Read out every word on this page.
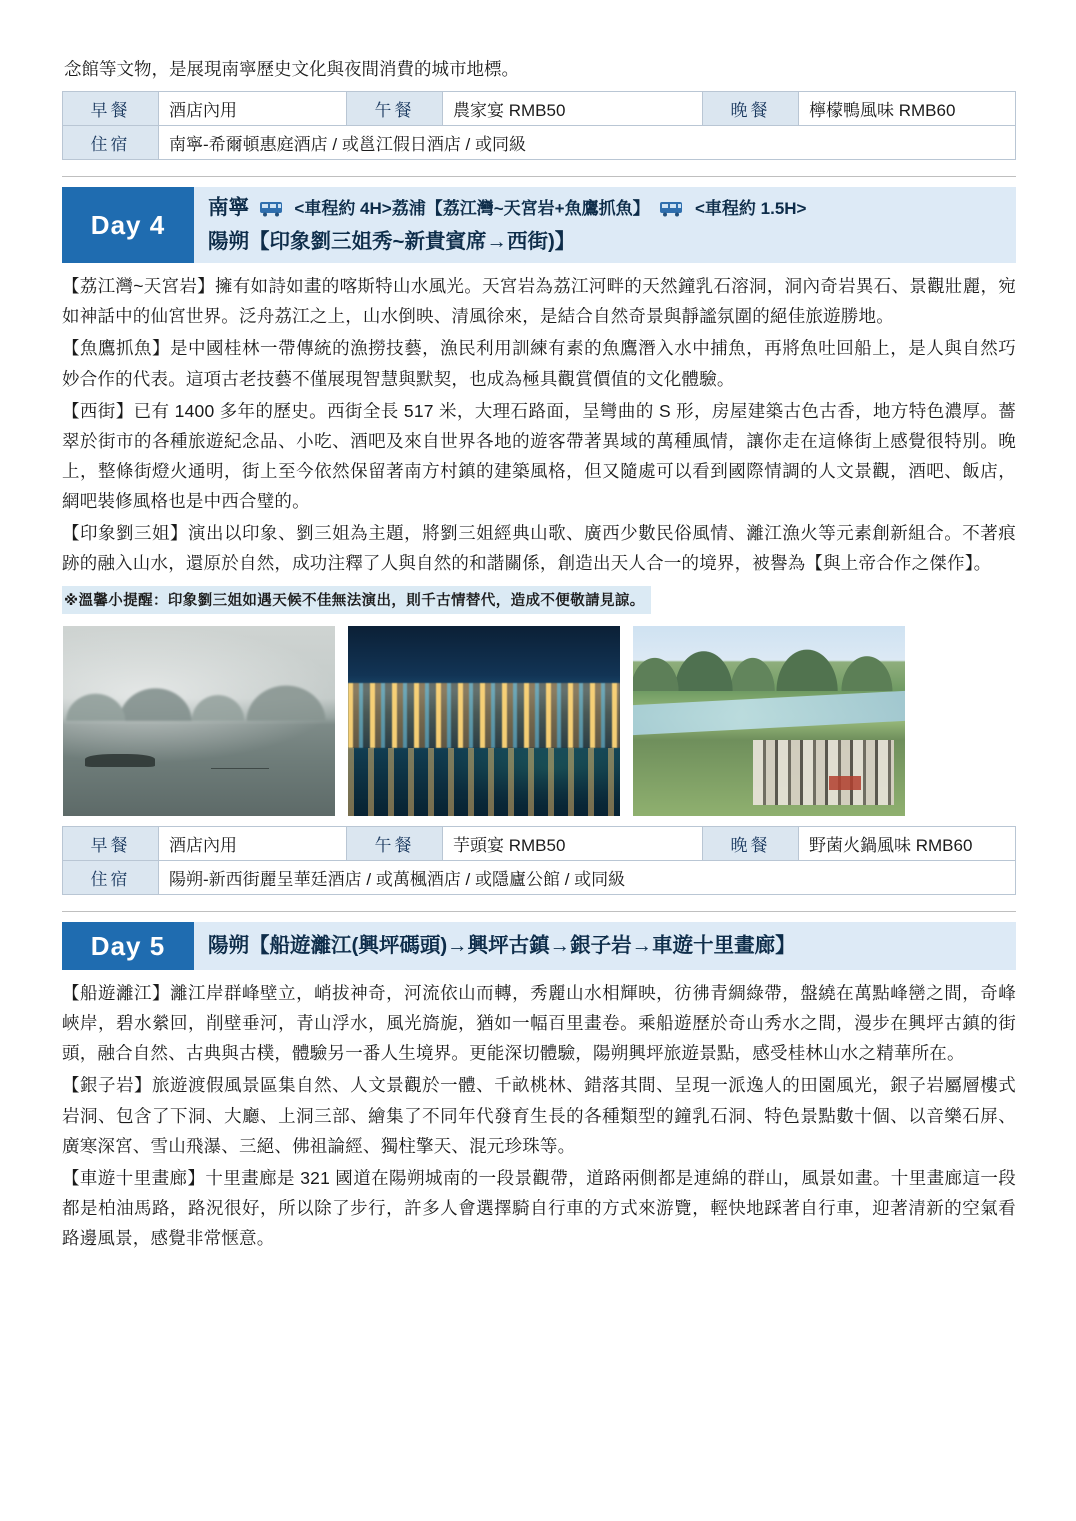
念館等文物，是展現南寧歷史文化與夜間消費的城市地標。

早餐	酒店內用	午餐	農家宴 RMB50	晚餐	檸檬鴨風味 RMB60
住宿	南寧-希爾頓惠庭酒店 / 或邕江假日酒店 / 或同級				
Day 4
南寧	<車程約 4H>荔浦【荔江灣~天宮岩+魚鷹抓魚】	<車程約 1.5H>
陽朔【印象劉三姐秀~新貴賓席→西街)】

【荔江灣~天宮岩】擁有如詩如畫的喀斯特山水風光。天宮岩為荔江河畔的天然鐘乳石溶洞，洞內奇岩異石、景觀壯麗，宛如神話中的仙宮世界。泛舟荔江之上，山水倒映、清風徐來，是結合自然奇景與靜謐氛圍的絕佳旅遊勝地。

【魚鷹抓魚】是中國桂林一帶傳統的漁撈技藝，漁民利用訓練有素的魚鷹潛入水中捕魚，再將魚吐回船上，是人與自然巧妙合作的代表。這項古老技藝不僅展現智慧與默契，也成為極具觀賞價值的文化體驗。

【西街】已有 1400 多年的歷史。西街全長 517 米，大理石路面，呈彎曲的 S 形，房屋建築古色古香，地方特色濃厚。薔翠於街市的各種旅遊紀念品、小吃、酒吧及來自世界各地的遊客帶著異域的萬種風情，讓你走在這條街上感覺很特別。晚上，整條街燈火通明，街上至今依然保留著南方村鎮的建築風格，但又隨處可以看到國際情調的人文景觀，酒吧、飯店，網吧裝修風格也是中西合璧的。

【印象劉三姐】演出以印象、劉三姐為主題，將劉三姐經典山歌、廣西少數民俗風情、灕江漁火等元素創新組合。不著痕跡的融入山水，還原於自然，成功注釋了人與自然的和諧關係，創造出天人合一的境界，被譽為【與上帝合作之傑作】。

※溫馨小提醒：印象劉三姐如遇天候不佳無法演出，則千古情替代，造成不便敬請見諒。
早餐	酒店內用	午餐	芋頭宴 RMB50	晚餐	野菌火鍋風味 RMB60
住宿	陽朔-新西街麗呈華廷酒店 / 或萬楓酒店 / 或隱廬公館 / 或同級				
Day 5	陽朔【船遊灕江(興坪碼頭)→興坪古鎮→銀子岩→車遊十里畫廊】

【船遊灕江】灕江岸群峰壁立，峭拔神奇，河流依山而轉，秀麗山水相輝映，彷彿青綢綠帶，盤繞在萬點峰巒之間，奇峰峽岸，碧水縈回，削壁垂河，青山浮水，風光旖旎，猶如一幅百里畫卷。乘船遊歷於奇山秀水之間，漫步在興坪古鎮的街頭，融合自然、古典與古樸，體驗另一番人生境界。更能深切體驗，陽朔興坪旅遊景點，感受桂林山水之精華所在。

【銀子岩】旅遊渡假風景區集自然、人文景觀於一體、千畝桃林、錯落其間、呈現一派逸人的田園風光，銀子岩屬層樓式岩洞、包含了下洞、大廳、上洞三部、繪集了不同年代發育生長的各種類型的鐘乳石洞、特色景點數十個、以音樂石屏、廣寒深宮、雪山飛瀑、三絕、佛祖論經、獨柱擎天、混元珍珠等。

【車遊十里畫廊】十里畫廊是 321 國道在陽朔城南的一段景觀帶，道路兩側都是連綿的群山，風景如畫。十里畫廊這一段都是柏油馬路，路況很好，所以除了步行，許多人會選擇騎自行車的方式來游覽，輕快地踩著自行車，迎著清新的空氣看路邊風景，感覺非常惬意。
